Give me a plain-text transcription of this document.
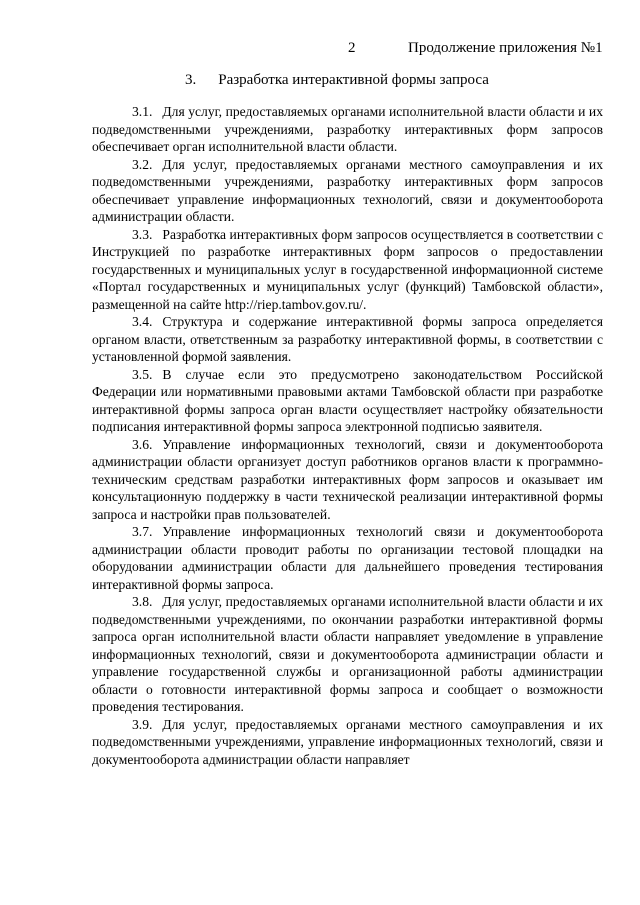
2	Продолжение приложения №1
3. Разработка интерактивной формы запроса

3.1. Для услуг, предоставляемых органами исполнительной власти области и их подведомственными учреждениями, разработку интерактивных форм запросов обеспечивает орган исполнительной власти области.

3.2. Для услуг, предоставляемых органами местного самоуправления и их подведомственными учреждениями, разработку интерактивных форм запросов обеспечивает управление информационных технологий, связи и документооборота администрации области.

3.3. Разработка интерактивных форм запросов осуществляется в соответствии с Инструкцией по разработке интерактивных форм запросов о предоставлении государственных и муниципальных услуг в государственной информационной системе «Портал государственных и муниципальных услуг (функций) Тамбовской области», размещенной на сайте http://riep.tambov.gov.ru/.

3.4. Структура и содержание интерактивной формы запроса определяется органом власти, ответственным за разработку интерактивной формы, в соответствии с установленной формой заявления.

3.5. В случае если это предусмотрено законодательством Российской Федерации или нормативными правовыми актами Тамбовской области при разработке интерактивной формы запроса орган власти осуществляет настройку обязательности подписания интерактивной формы запроса электронной подписью заявителя.

3.6. Управление информационных технологий, связи и документооборота администрации области организует доступ работников органов власти к программно-техническим средствам разработки интерактивных форм запросов и оказывает им консультационную поддержку в части технической реализации интерактивной формы запроса и настройки прав пользователей.

3.7. Управление информационных технологий связи и документооборота администрации области проводит работы по организации тестовой площадки на оборудовании администрации области для дальнейшего проведения тестирования интерактивной формы запроса.

3.8. Для услуг, предоставляемых органами исполнительной власти области и их подведомственными учреждениями, по окончании разработки интерактивной формы запроса орган исполнительной власти области направляет уведомление в управление информационных технологий, связи и документооборота администрации области и управление государственной службы и организационной работы администрации области о готовности интерактивной формы запроса и сообщает о возможности проведения тестирования.

3.9. Для услуг, предоставляемых органами местного самоуправления и их подведомственными учреждениями, управление информационных технологий, связи и документооборота администрации области направляет
